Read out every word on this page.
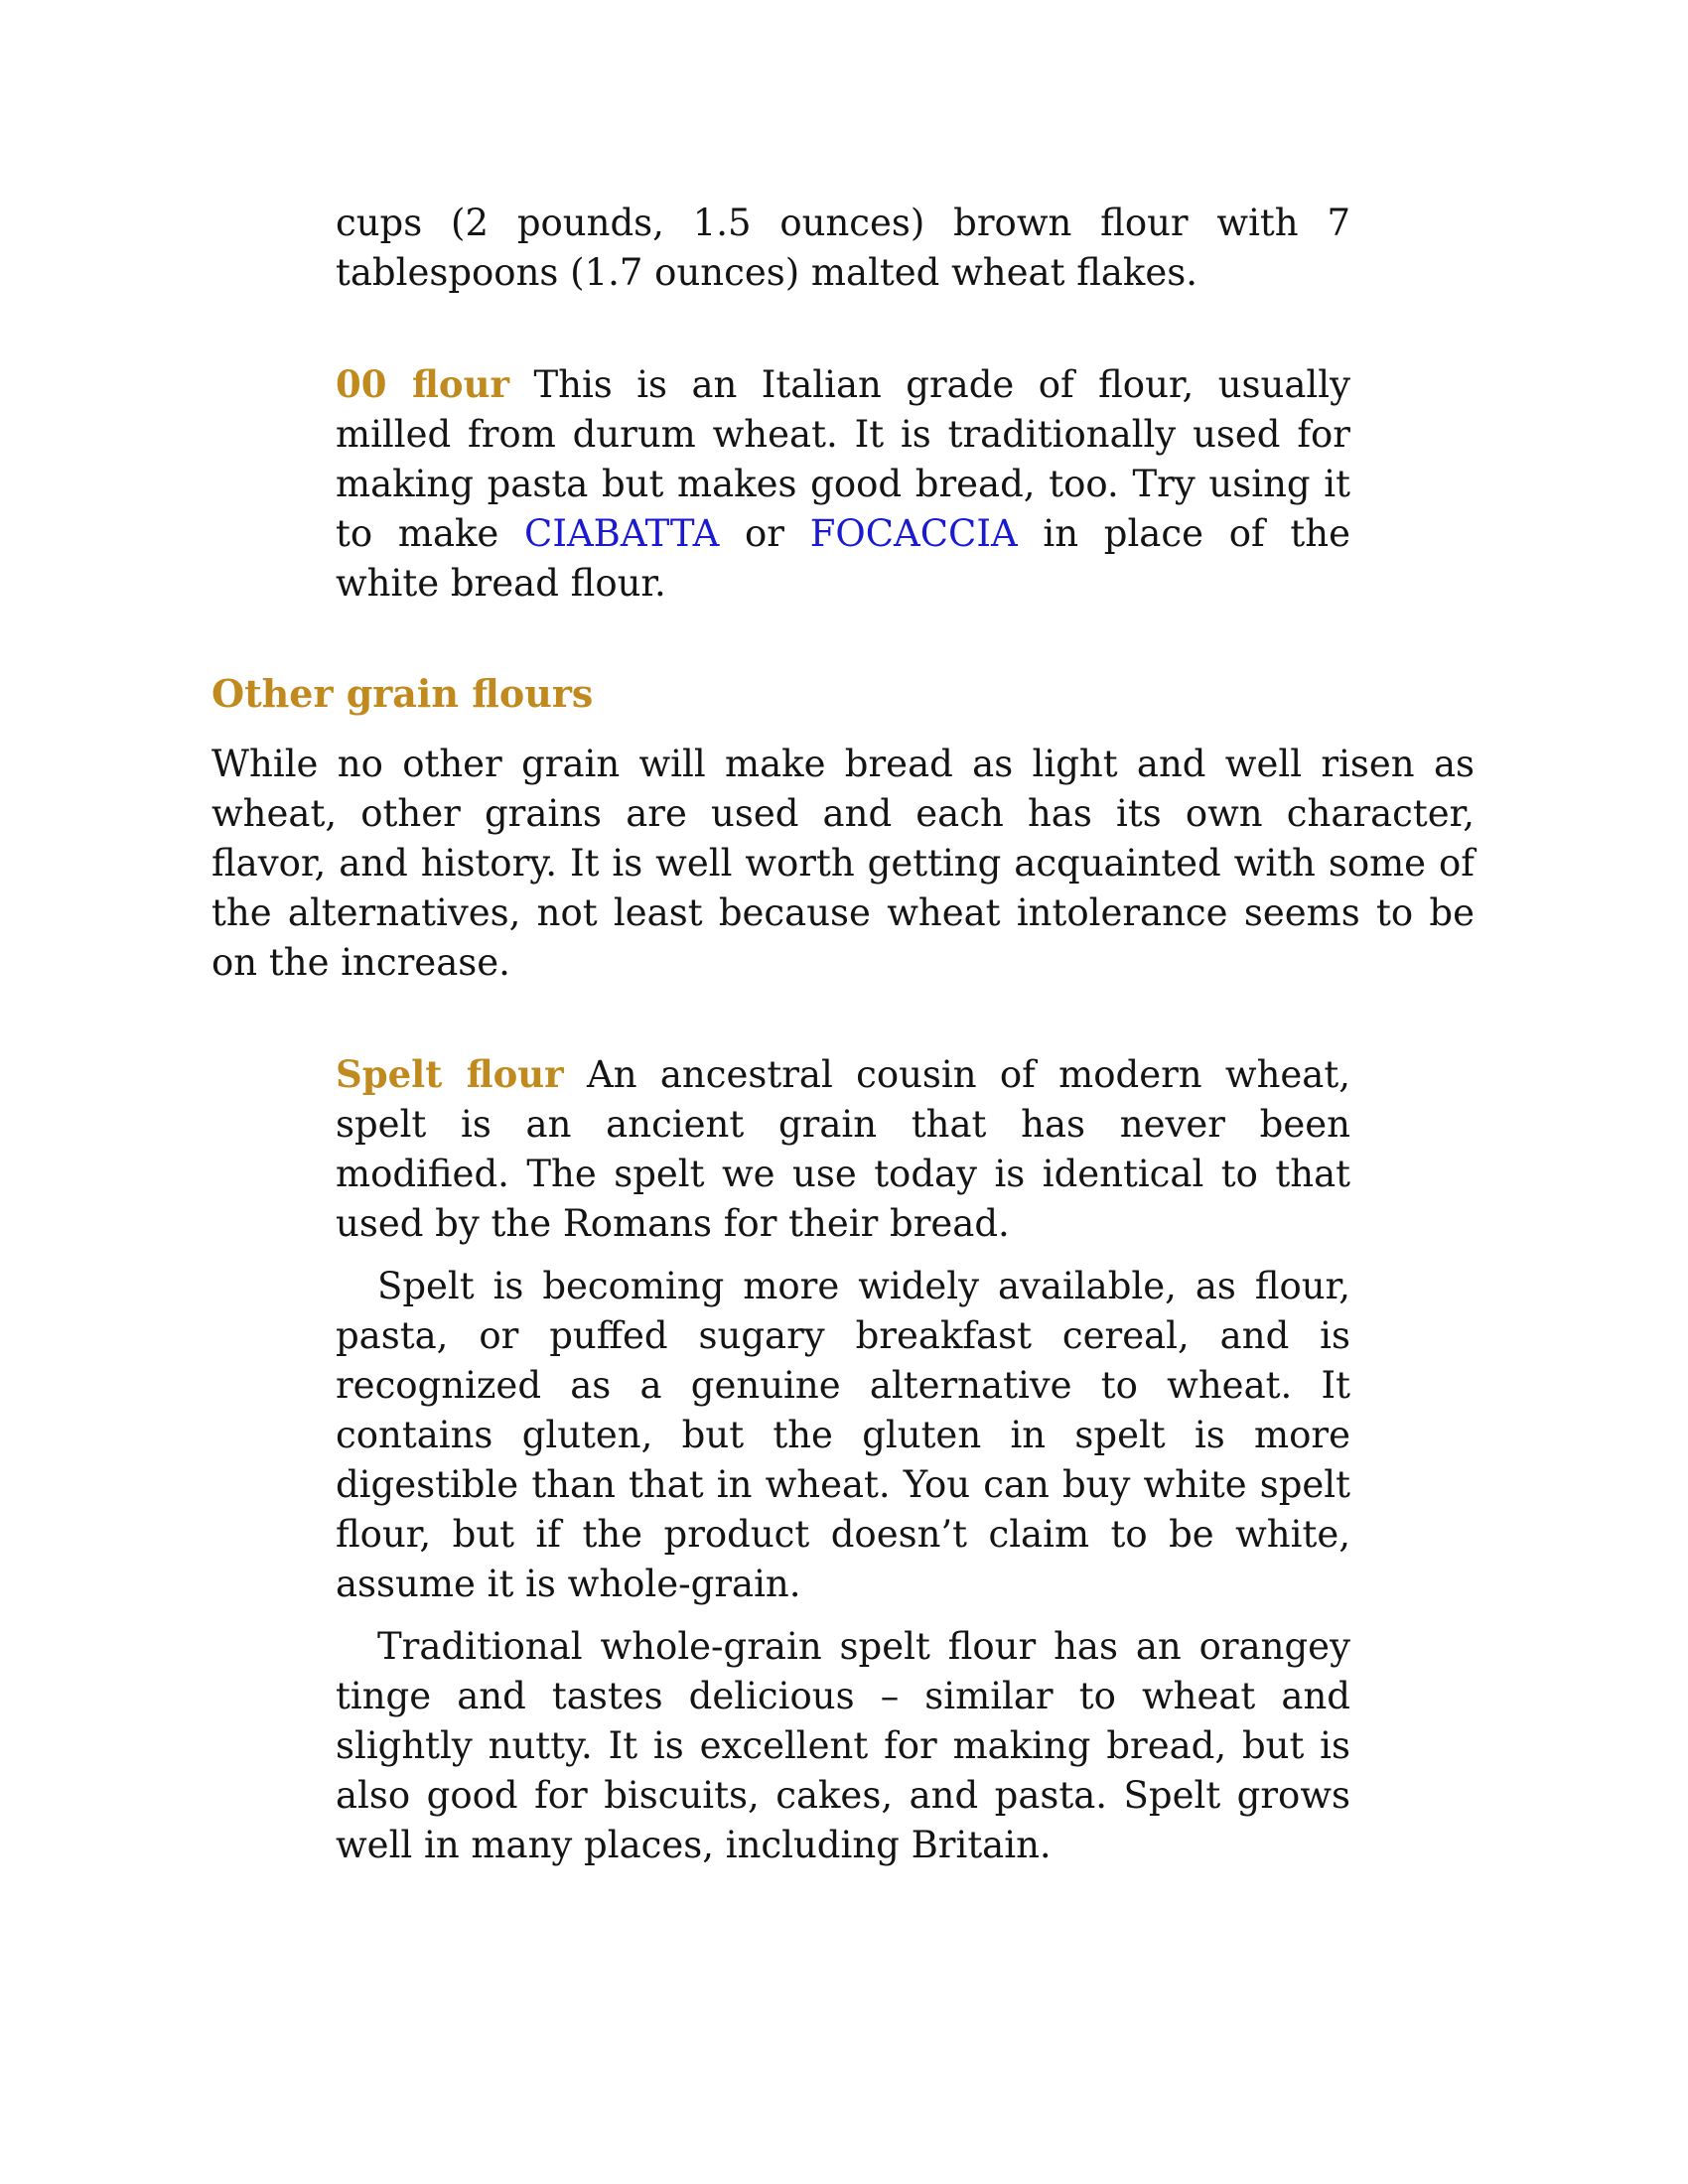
cups (2 pounds, 1.5 ounces) brown flour with 7 tablespoons (1.7 ounces) malted wheat flakes.

00 flour This is an Italian grade of flour, usually milled from durum wheat. It is traditionally used for making pasta but makes good bread, too. Try using it to make CIABATTA or FOCACCIA in place of the white bread flour.

Other grain flours

While no other grain will make bread as light and well risen as wheat, other grains are used and each has its own character, flavor, and history. It is well worth getting acquainted with some of the alternatives, not least because wheat intolerance seems to be on the increase.

Spelt flour An ancestral cousin of modern wheat, spelt is an ancient grain that has never been modified. The spelt we use today is identical to that used by the Romans for their bread.

Spelt is becoming more widely available, as flour, pasta, or puffed sugary breakfast cereal, and is recognized as a genuine alternative to wheat. It contains gluten, but the gluten in spelt is more digestible than that in wheat. You can buy white spelt flour, but if the product doesn’t claim to be white, assume it is whole-grain.

Traditional whole-grain spelt flour has an orangey tinge and tastes delicious – similar to wheat and slightly nutty. It is excellent for making bread, but is also good for biscuits, cakes, and pasta. Spelt grows well in many places, including Britain.
